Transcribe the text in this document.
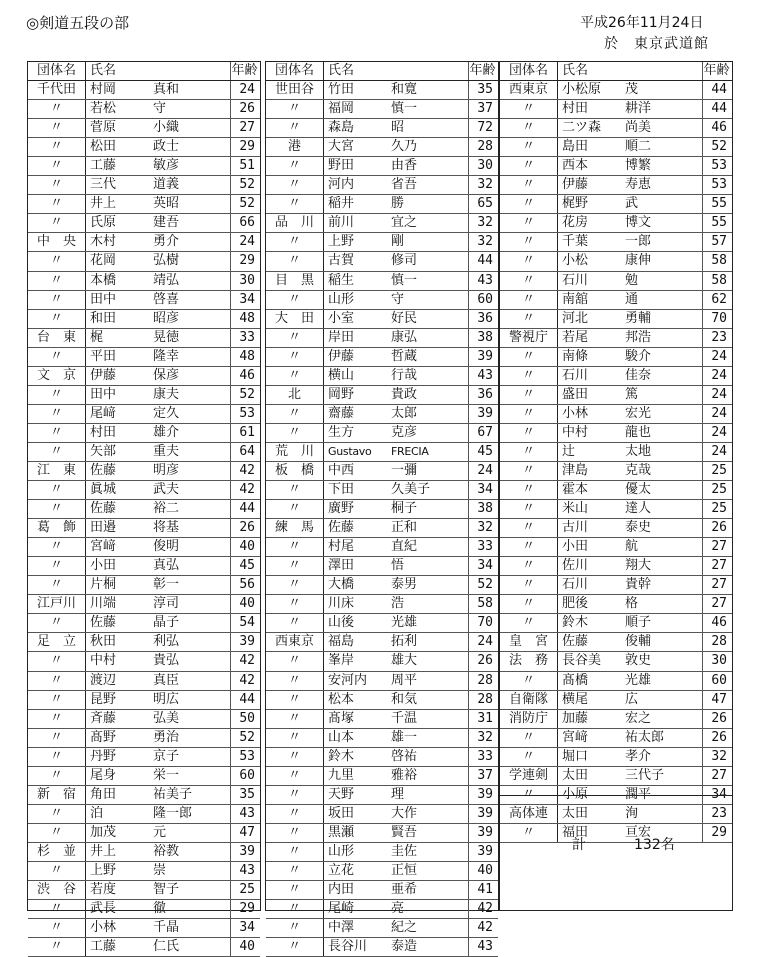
◎剣道五段の部	平成26年11月24日
於　東京武道館
団体名	氏名	年齢
千代田	村岡	真和	24
〃	若松	守	26
〃	菅原	小織	27
〃	松田	政士	29
〃	工藤	敏彦	51
〃	三代	道義	52
〃	井上	英昭	52
〃	氏原	建吾	66
中　央	木村	勇介	24
〃	花岡	弘樹	29
〃	本橋	靖弘	30
〃	田中	啓喜	34
〃	和田	昭彦	48
台　東	梶	晃徳	33
〃	平田	隆幸	48
文　京	伊藤	保彦	46
〃	田中	康夫	52
〃	尾﨑	定久	53
〃	村田	雄介	61
〃	矢部	重夫	64
江　東	佐藤	明彦	42
〃	眞城	武夫	42
〃	佐藤	裕二	44
葛　飾	田邉	将基	26
〃	宮﨑	俊明	40
〃	小田	真弘	45
〃	片桐	彰一	56
江戸川	川端	淳司	40
〃	佐藤	晶子	54
足　立	秋田	利弘	39
〃	中村	貴弘	42
〃	渡辺	真臣	42
〃	昆野	明広	44
〃	斉藤	弘美	50
〃	髙野	勇治	52
〃	丹野	京子	53
〃	尾身	栄一	60
新　宿	角田	祐美子	35
〃	泊	隆一郎	43
〃	加茂	元	47
杉　並	井上	裕教	39
〃	上野	崇	43
渋　谷	若度	智子	25
〃	武長	徹	29
〃	小林	千晶	34
〃	工藤	仁氏	40
団体名	氏名	年齢
世田谷	竹田	和寛	35
〃	福岡	慎一	37
〃	森島	昭	72
港	大宮	久乃	28
〃	野田	由香	30
〃	河内	省吾	32
〃	稲井	勝	65
品　川	前川	宜之	32
〃	上野	剛	32
〃	古賀	修司	44
目　黒	稲生	慎一	43
〃	山形	守	60
大　田	小室	好民	36
〃	岸田	康弘	38
〃	伊藤	哲蔵	39
〃	横山	行哉	43
北	岡野	貴政	36
〃	齋藤	太郎	39
〃	生方	克彦	67
荒　川	Gustavo	FRECIA	45
板　橋	中西	一彌	24
〃	下田	久美子	34
〃	廣野	桐子	38
練　馬	佐藤	正和	32
〃	村尾	直紀	33
〃	澤田	悟	34
〃	大橋	泰男	52
〃	川床	浩	58
〃	山後	光雄	70
西東京	福島	拓利	24
〃	峯岸	雄大	26
〃	安河内	周平	28
〃	松本	和気	28
〃	髙塚	千温	31
〃	山本	雄一	32
〃	鈴木	啓祐	33
〃	九里	雅裕	37
〃	天野	理	39
〃	坂田	大作	39
〃	黒瀬	賢吾	39
〃	山形	圭佐	39
〃	立花	正恒	40
〃	内田	亜希	41
〃	尾崎	亮	42
〃	中澤	紀之	42
〃	長谷川	泰造	43
団体名	氏名	年齢
西東京	小松原	茂	44
〃	村田	耕洋	44
〃	二ツ森	尚美	46
〃	島田	順二	52
〃	西本	博繁	53
〃	伊藤	寿恵	53
〃	梶野	武	55
〃	花房	博文	55
〃	千葉	一郎	57
〃	小松	康伸	58
〃	石川	勉	58
〃	南舘	通	62
〃	河北	勇輔	70
警視庁	若尾	邦浩	23
〃	南條	駿介	24
〃	石川	佳奈	24
〃	盛田	篤	24
〃	小林	宏光	24
〃	中村	龍也	24
〃	辻	太地	24
〃	津島	克哉	25
〃	霍本	優太	25
〃	米山	達人	25
〃	古川	泰史	26
〃	小田	航	27
〃	佐川	翔大	27
〃	石川	貴幹	27
〃	肥後	格	27
〃	鈴木	順子	46
皇　宮	佐藤	俊輔	28
法　務	長谷美	敦史	30
〃	髙橋	光雄	60
自衛隊	横尾	広	47
消防庁	加藤	宏之	26
〃	宮﨑	祐太郎	26
〃	堀口	孝介	32
学連剣	太田	三代子	27
〃	小原	潤平	34
高体連	太田	洵	23
〃	福田	亘宏	29
計	132名
